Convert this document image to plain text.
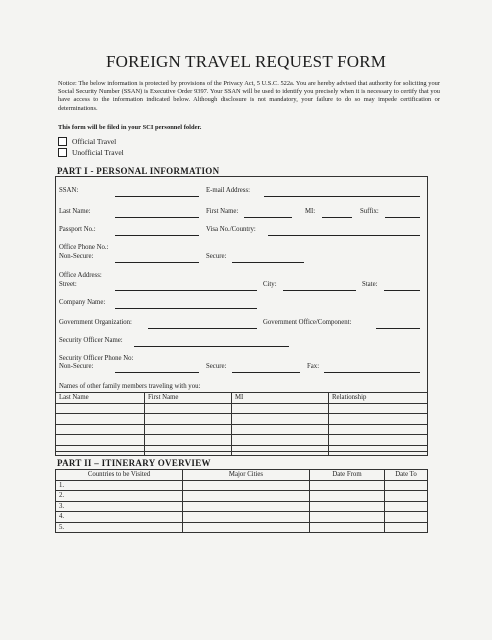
FOREIGN TRAVEL REQUEST FORM
Notice: The below information is protected by provisions of the Privacy Act, 5 U.S.C. 522a. You are hereby advised that authority for soliciting your Social Security Number (SSAN) is Executive Order 9397. Your SSAN will be used to identify you precisely when it is necessary to certify that you have access to the information indicated below. Although disclosure is not mandatory, your failure to do so may impede certification or determinations.
This form will be filed in your SCI personnel folder.
Official Travel
Unofficial Travel
PART I - PERSONAL INFORMATION
SSAN:	E-mail Address:
Last Name:	First Name:	MI:	Suffix:
Passport No.:	Visa No./Country:
Office Phone No.:
Non-Secure:	Secure:
Office Address:
Street:	City:	State:
Company Name:
Government Organization:	Government Office/Component:
Security Officer Name:
Security Officer Phone No:
Non-Secure:	Secure:	Fax:
Names of other family members traveling with you:
Last Name	First Name	MI	Relationship

PART II – ITINERARY OVERVIEW
Countries to be Visited	Major Cities	Date From	Date To
1.			
2.			
3.			
4.			
5.			
